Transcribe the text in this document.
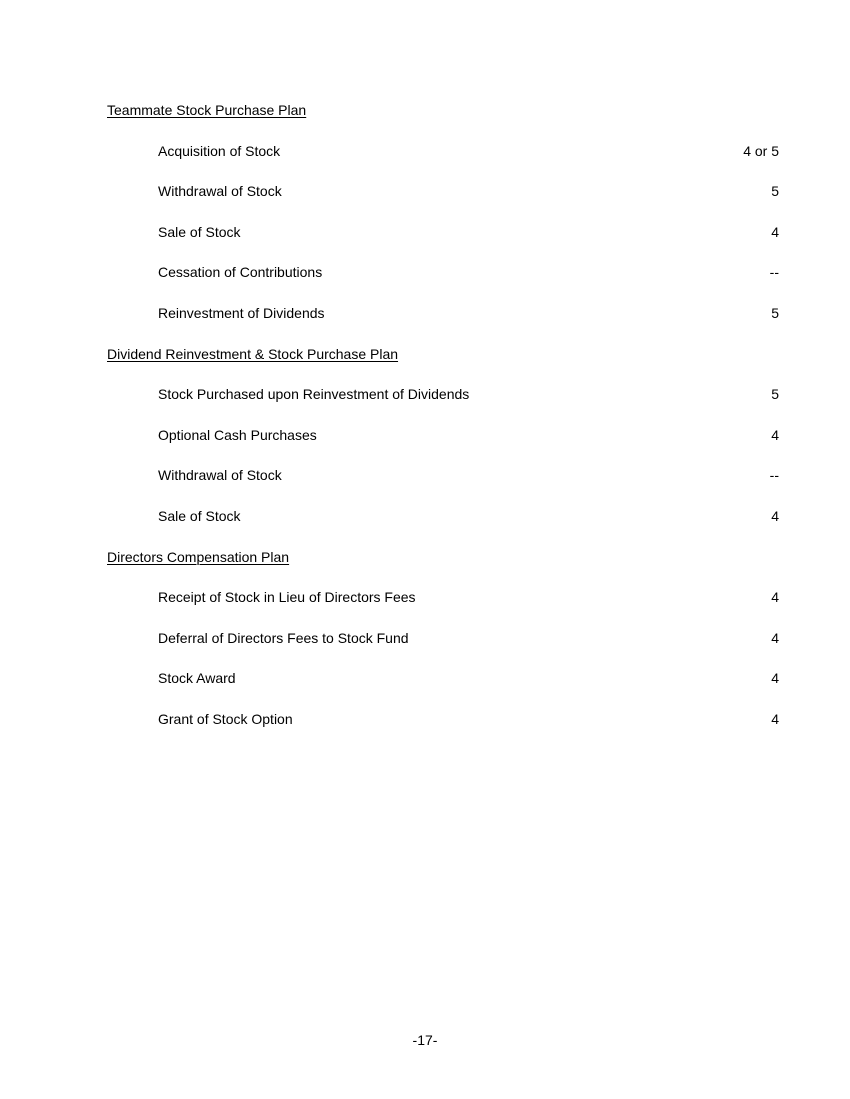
Teammate Stock Purchase Plan
Acquisition of Stock	4 or 5
Withdrawal of Stock	5
Sale of Stock	4
Cessation of Contributions	--
Reinvestment of Dividends	5
Dividend Reinvestment & Stock Purchase Plan
Stock Purchased upon Reinvestment of Dividends	5
Optional Cash Purchases	4
Withdrawal of Stock	--
Sale of Stock	4
Directors Compensation Plan
Receipt of Stock in Lieu of Directors Fees	4
Deferral of Directors Fees to Stock Fund	4
Stock Award	4
Grant of Stock Option	4
-17-
